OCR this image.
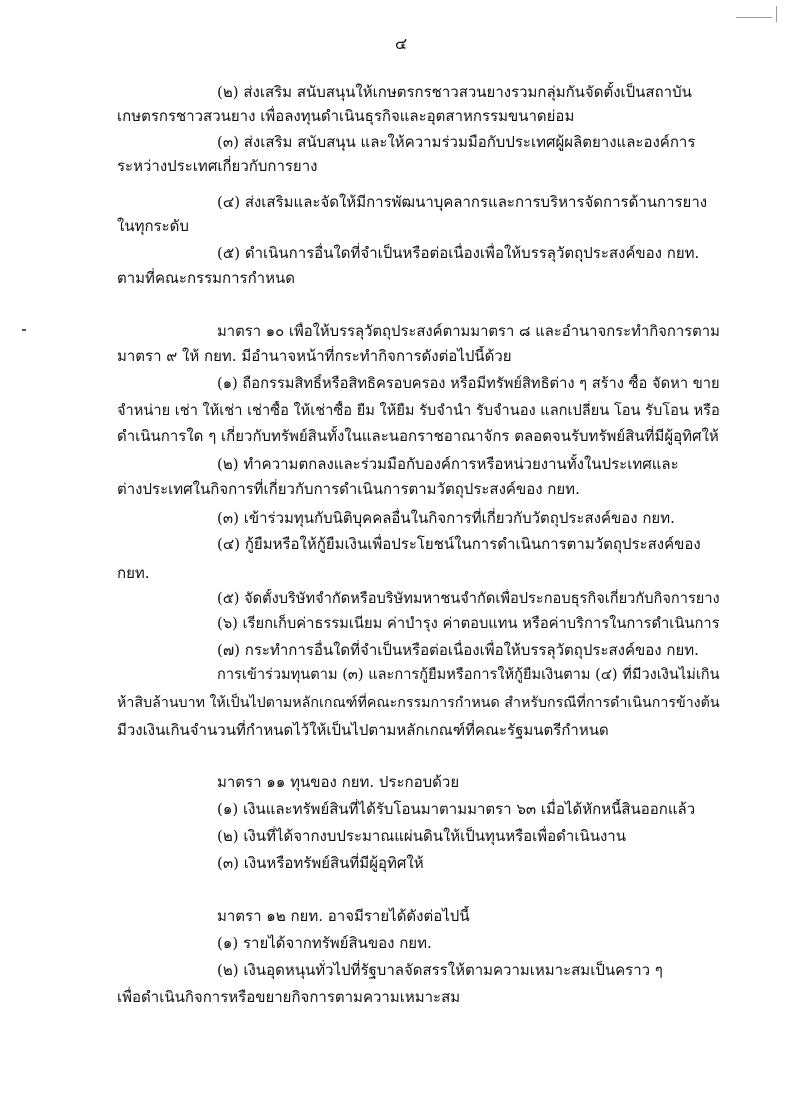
๔
(๒) ส่งเสริม สนับสนุนให้เกษตรกรชาวสวนยางรวมกลุ่มกันจัดตั้งเป็นสถาบัน
เกษตรกรชาวสวนยาง เพื่อลงทุนดำเนินธุรกิจและอุตสาหกรรมขนาดย่อม
(๓) ส่งเสริม สนับสนุน และให้ความร่วมมือกับประเทศผู้ผลิตยางและองค์การ
ระหว่างประเทศเกี่ยวกับการยาง
(๔) ส่งเสริมและจัดให้มีการพัฒนาบุคลากรและการบริหารจัดการด้านการยาง
ในทุกระดับ
(๕) ดำเนินการอื่นใดที่จำเป็นหรือต่อเนื่องเพื่อให้บรรลุวัตถุประสงค์ของ กยท.
ตามที่คณะกรรมการกำหนด
มาตรา ๑๐ เพื่อให้บรรลุวัตถุประสงค์ตามมาตรา ๘ และอำนาจกระทำกิจการตาม
มาตรา ๙ ให้ กยท. มีอำนาจหน้าที่กระทำกิจการดังต่อไปนี้ด้วย
(๑) ถือกรรมสิทธิ์หรือสิทธิครอบครอง หรือมีทรัพย์สิทธิต่าง ๆ สร้าง ซื้อ จัดหา ขาย
จำหน่าย เช่า ให้เช่า เช่าซื้อ ให้เช่าซื้อ ยืม ให้ยืม รับจำนำ รับจำนอง แลกเปลี่ยน โอน รับโอน หรือ
ดำเนินการใด ๆ เกี่ยวกับทรัพย์สินทั้งในและนอกราชอาณาจักร ตลอดจนรับทรัพย์สินที่มีผู้อุทิศให้
(๒) ทำความตกลงและร่วมมือกับองค์การหรือหน่วยงานทั้งในประเทศและ
ต่างประเทศในกิจการที่เกี่ยวกับการดำเนินการตามวัตถุประสงค์ของ กยท.
(๓) เข้าร่วมทุนกับนิติบุคคลอื่นในกิจการที่เกี่ยวกับวัตถุประสงค์ของ กยท.
(๔) กู้ยืมหรือให้กู้ยืมเงินเพื่อประโยชน์ในการดำเนินการตามวัตถุประสงค์ของ
กยท.
(๕) จัดตั้งบริษัทจำกัดหรือบริษัทมหาชนจำกัดเพื่อประกอบธุรกิจเกี่ยวกับกิจการยาง
(๖) เรียกเก็บค่าธรรมเนียม ค่าบำรุง ค่าตอบแทน หรือค่าบริการในการดำเนินการ
(๗) กระทำการอื่นใดที่จำเป็นหรือต่อเนื่องเพื่อให้บรรลุวัตถุประสงค์ของ กยท.
การเข้าร่วมทุนตาม (๓) และการกู้ยืมหรือการให้กู้ยืมเงินตาม (๔) ที่มีวงเงินไม่เกิน
ห้าสิบล้านบาท ให้เป็นไปตามหลักเกณฑ์ที่คณะกรรมการกำหนด สำหรับกรณีที่การดำเนินการข้างต้น
มีวงเงินเกินจำนวนที่กำหนดไว้ให้เป็นไปตามหลักเกณฑ์ที่คณะรัฐมนตรีกำหนด
มาตรา ๑๑ ทุนของ กยท. ประกอบด้วย
(๑) เงินและทรัพย์สินที่ได้รับโอนมาตามมาตรา ๖๓ เมื่อได้หักหนี้สินออกแล้ว
(๒) เงินที่ได้จากงบประมาณแผ่นดินให้เป็นทุนหรือเพื่อดำเนินงาน
(๓) เงินหรือทรัพย์สินที่มีผู้อุทิศให้
มาตรา ๑๒ กยท. อาจมีรายได้ดังต่อไปนี้
(๑) รายได้จากทรัพย์สินของ กยท.
(๒) เงินอุดหนุนทั่วไปที่รัฐบาลจัดสรรให้ตามความเหมาะสมเป็นคราว ๆ
เพื่อดำเนินกิจการหรือขยายกิจการตามความเหมาะสม
